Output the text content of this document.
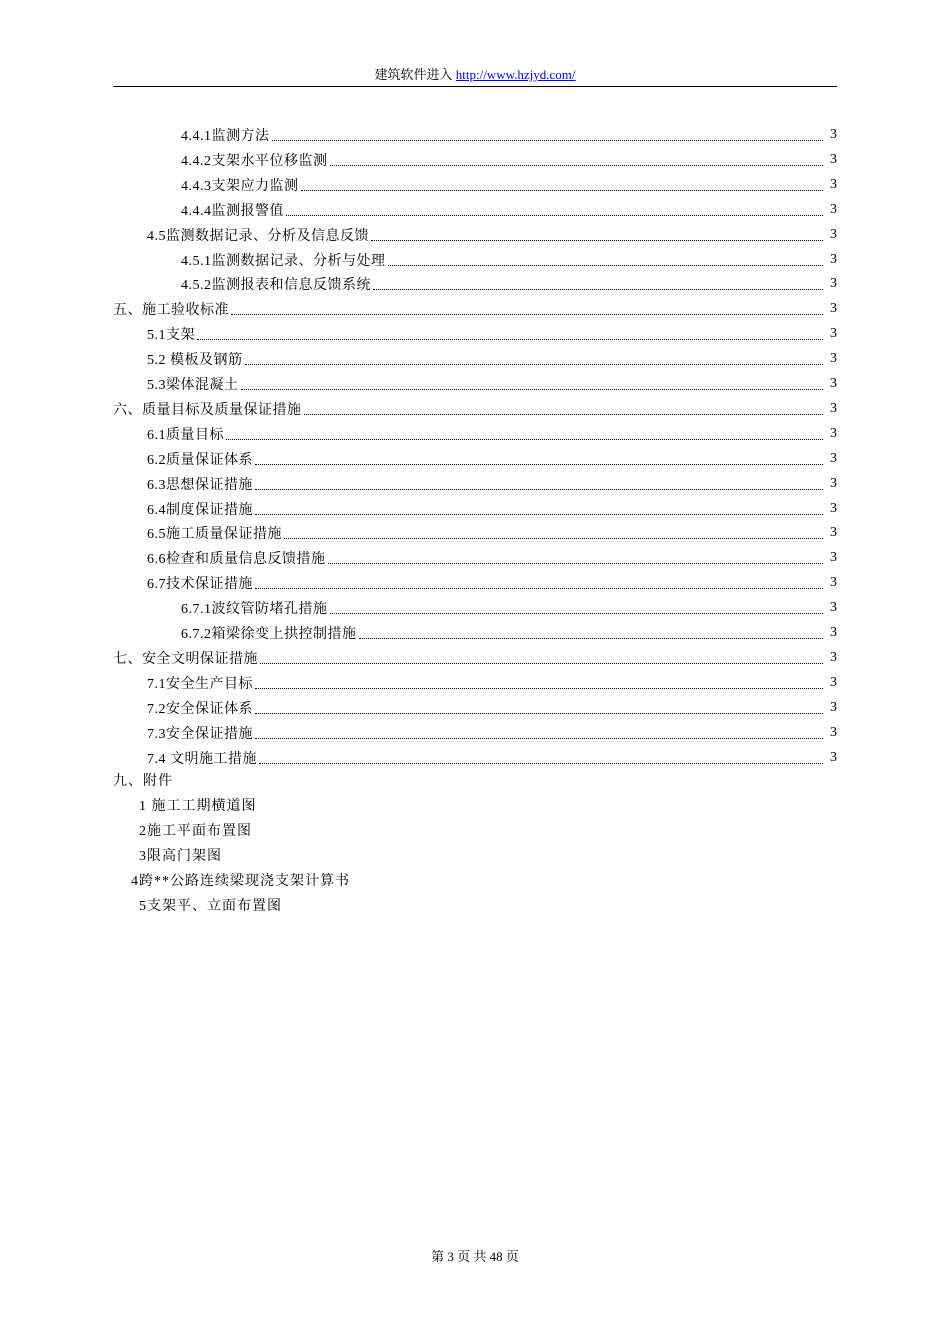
建筑软件进入 http://www.hzjyd.com/
4.4.1监测方法	3
4.4.2支架水平位移监测	3
4.4.3支架应力监测	3
4.4.4监测报警值	3
4.5监测数据记录、分析及信息反馈	3
4.5.1监测数据记录、分析与处理	3
4.5.2监测报表和信息反馈系统	3
五、施工验收标准	3
5.1支架	3
5.2 模板及钢筋	3
5.3梁体混凝土	3
六、质量目标及质量保证措施	3
6.1质量目标	3
6.2质量保证体系	3
6.3思想保证措施	3
6.4制度保证措施	3
6.5施工质量保证措施	3
6.6检查和质量信息反馈措施	3
6.7技术保证措施	3
6.7.1波纹管防堵孔措施	3
6.7.2箱梁徐变上拱控制措施	3
七、安全文明保证措施	3
7.1安全生产目标	3
7.2安全保证体系	3
7.3安全保证措施	3
7.4 文明施工措施	3
九、附件
1 施工工期横道图
2施工平面布置图
3限高门架图
4跨**公路连续梁现浇支架计算书
5支架平、立面布置图
第 3 页 共 48 页
